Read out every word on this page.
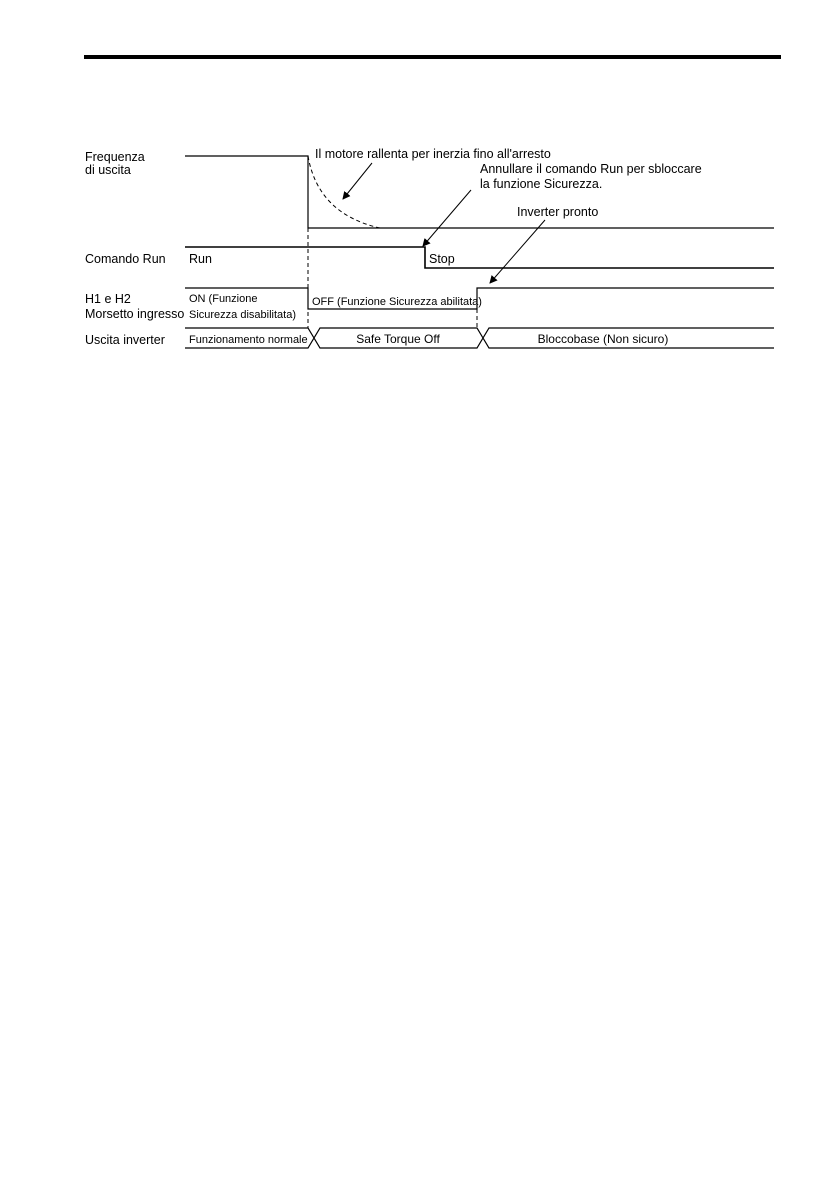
Frequenza
di uscita
Comando Run
H1 e H2
Morsetto ingresso
Uscita inverter
Il motore rallenta per inerzia fino all'arresto
Annullare il comando Run per sbloccare
la funzione Sicurezza.
Inverter pronto
Run	Stop
ON (Funzione
Sicurezza disabilitata)
OFF (Funzione Sicurezza abilitata)
Funzionamento normale	Safe Torque Off	Bloccobase (Non sicuro)
